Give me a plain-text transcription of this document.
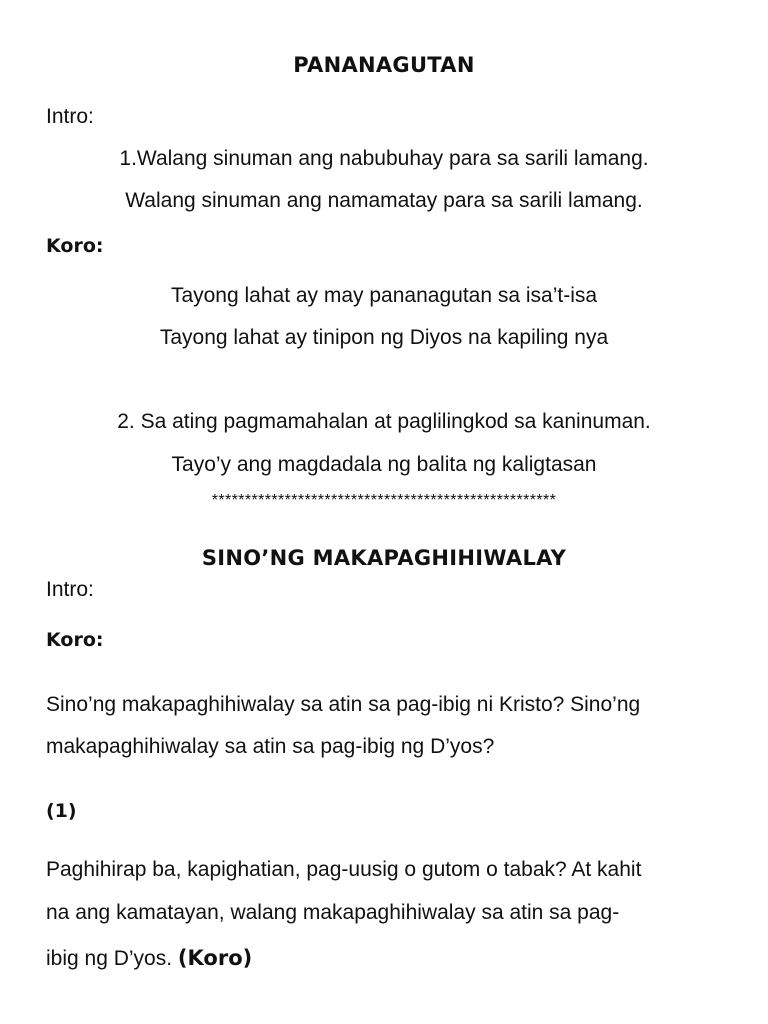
PANANAGUTAN
Intro:
1.Walang sinuman ang nabubuhay para sa sarili lamang.
Walang sinuman ang namamatay para sa sarili lamang.
Koro:
Tayong lahat ay may pananagutan sa isa’t-isa
Tayong lahat ay tinipon ng Diyos na kapiling nya
2. Sa ating pagmamahalan at paglilingkod sa kaninuman.
Tayo’y ang magdadala ng balita ng kaligtasan
****************************************************
SINO’NG MAKAPAGHIHIWALAY
Intro:
Koro:
Sino’ng makapaghihiwalay sa atin sa pag-ibig ni Kristo? Sino’ng
makapaghihiwalay sa atin sa pag-ibig ng D’yos?
(1)
Paghihirap ba, kapighatian, pag-uusig o gutom o tabak? At kahit
na ang kamatayan, walang makapaghihiwalay sa atin sa pag-
ibig ng D’yos. (Koro)
